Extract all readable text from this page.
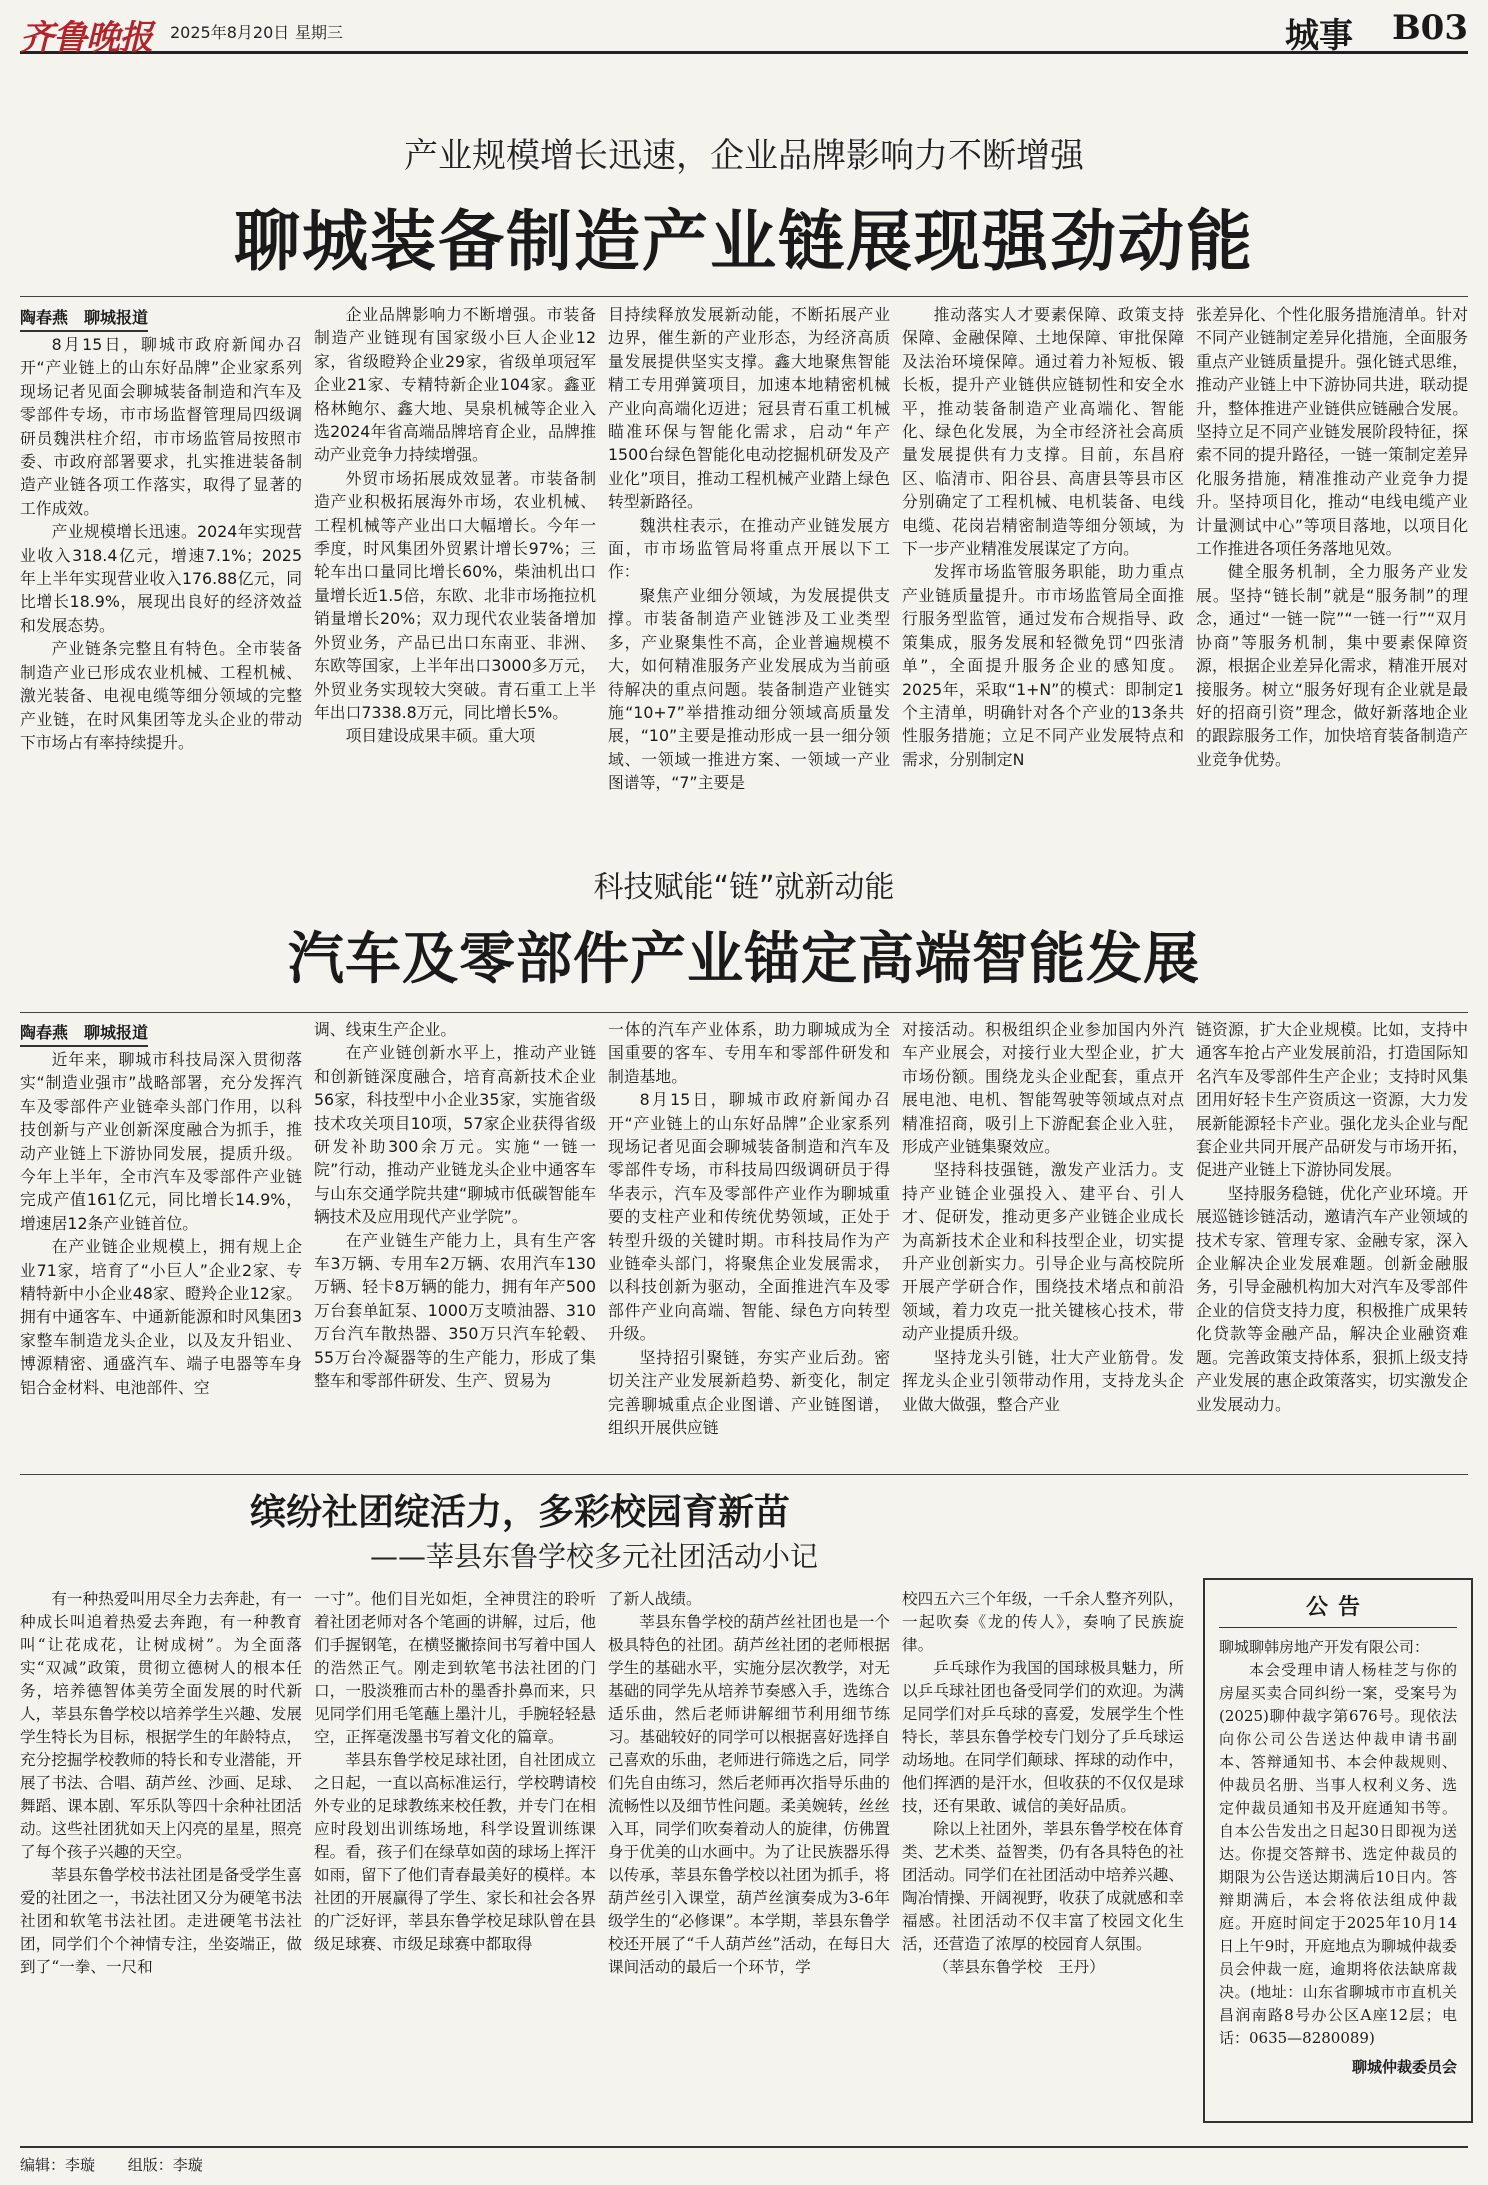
齐鲁晚报 2025年8月20日 星期三	城事 B03
产业规模增长迅速，企业品牌影响力不断增强
聊城装备制造产业链展现强劲动能
陶春燕　聊城报道

8月15日，聊城市政府新闻办召开“产业链上的山东好品牌”企业家系列现场记者见面会聊城装备制造和汽车及零部件专场，市市场监督管理局四级调研员魏洪柱介绍，市市场监管局按照市委、市政府部署要求，扎实推进装备制造产业链各项工作落实，取得了显著的工作成效。

产业规模增长迅速。2024年实现营业收入318.4亿元，增速7.1%；2025年上半年实现营业收入176.88亿元，同比增长18.9%，展现出良好的经济效益和发展态势。

产业链条完整且有特色。全市装备制造产业已形成农业机械、工程机械、激光装备、电视电缆等细分领域的完整产业链，在时风集团等龙头企业的带动下市场占有率持续提升。

企业品牌影响力不断增强。市装备制造产业链现有国家级小巨人企业12家，省级瞪羚企业29家，省级单项冠军企业21家、专精特新企业104家。鑫亚格林鲍尔、鑫大地、昊泉机械等企业入选2024年省高端品牌培育企业，品牌推动产业竞争力持续增强。

外贸市场拓展成效显著。市装备制造产业积极拓展海外市场，农业机械、工程机械等产业出口大幅增长。今年一季度，时风集团外贸累计增长97%；三轮车出口量同比增长60%，柴油机出口量增长近1.5倍，东欧、北非市场拖拉机销量增长20%；双力现代农业装备增加外贸业务，产品已出口东南亚、非洲、东欧等国家，上半年出口3000多万元，外贸业务实现较大突破。青石重工上半年出口7338.8万元，同比增长5%。

项目建设成果丰硕。重大项

目持续释放发展新动能，不断拓展产业边界，催生新的产业形态，为经济高质量发展提供坚实支撑。鑫大地聚焦智能精工专用弹簧项目，加速本地精密机械产业向高端化迈进；冠县青石重工机械瞄准环保与智能化需求，启动“年产1500台绿色智能化电动挖掘机研发及产业化”项目，推动工程机械产业踏上绿色转型新路径。

魏洪柱表示，在推动产业链发展方面，市市场监管局将重点开展以下工作：

聚焦产业细分领域，为发展提供支撑。市装备制造产业链涉及工业类型多，产业聚集性不高，企业普遍规模不大，如何精准服务产业发展成为当前亟待解决的重点问题。装备制造产业链实施“10+7”举措推动细分领域高质量发展，“10”主要是推动形成一县一细分领域、一领域一推进方案、一领域一产业图谱等，“7”主要是

推动落实人才要素保障、政策支持保障、金融保障、土地保障、审批保障及法治环境保障。通过着力补短板、锻长板，提升产业链供应链韧性和安全水平，推动装备制造产业高端化、智能化、绿色化发展，为全市经济社会高质量发展提供有力支撑。目前，东昌府区、临清市、阳谷县、高唐县等县市区分别确定了工程机械、电机装备、电线电缆、花岗岩精密制造等细分领域，为下一步产业精准发展谋定了方向。

发挥市场监管服务职能，助力重点产业链质量提升。市市场监管局全面推行服务型监管，通过发布合规指导、政策集成，服务发展和轻微免罚“四张清单”，全面提升服务企业的感知度。2025年，采取“1+N”的模式：即制定1个主清单，明确针对各个产业的13条共性服务措施；立足不同产业发展特点和需求，分别制定N

张差异化、个性化服务措施清单。针对不同产业链制定差异化措施，全面服务重点产业链质量提升。强化链式思维，推动产业链上中下游协同共进，联动提升，整体推进产业链供应链融合发展。坚持立足不同产业链发展阶段特征，探索不同的提升路径，一链一策制定差异化服务措施，精准推动产业竞争力提升。坚持项目化，推动“电线电缆产业计量测试中心”等项目落地，以项目化工作推进各项任务落地见效。

健全服务机制，全力服务产业发展。坚持“链长制”就是“服务制”的理念，通过“一链一院”“一链一行”“双月协商”等服务机制，集中要素保障资源，根据企业差异化需求，精准开展对接服务。树立“服务好现有企业就是最好的招商引资”理念，做好新落地企业的跟踪服务工作，加快培育装备制造产业竞争优势。

科技赋能“链”就新动能
汽车及零部件产业锚定高端智能发展
陶春燕　聊城报道

近年来，聊城市科技局深入贯彻落实“制造业强市”战略部署，充分发挥汽车及零部件产业链牵头部门作用，以科技创新与产业创新深度融合为抓手，推动产业链上下游协同发展，提质升级。今年上半年，全市汽车及零部件产业链完成产值161亿元，同比增长14.9%，增速居12条产业链首位。

在产业链企业规模上，拥有规上企业71家，培育了“小巨人”企业2家、专精特新中小企业48家、瞪羚企业12家。拥有中通客车、中通新能源和时风集团3家整车制造龙头企业，以及友升铝业、博源精密、通盛汽车、端子电器等车身铝合金材料、电池部件、空

调、线束生产企业。

在产业链创新水平上，推动产业链和创新链深度融合，培育高新技术企业56家，科技型中小企业35家，实施省级技术攻关项目10项，57家企业获得省级研发补助300余万元。实施“一链一院”行动，推动产业链龙头企业中通客车与山东交通学院共建“聊城市低碳智能车辆技术及应用现代产业学院”。

在产业链生产能力上，具有生产客车3万辆、专用车2万辆、农用汽车130万辆、轻卡8万辆的能力，拥有年产500万台套单缸泵、1000万支喷油器、310万台汽车散热器、350万只汽车轮毂、55万台冷凝器等的生产能力，形成了集整车和零部件研发、生产、贸易为

一体的汽车产业体系，助力聊城成为全国重要的客车、专用车和零部件研发和制造基地。

8月15日，聊城市政府新闻办召开“产业链上的山东好品牌”企业家系列现场记者见面会聊城装备制造和汽车及零部件专场，市科技局四级调研员于得华表示，汽车及零部件产业作为聊城重要的支柱产业和传统优势领域，正处于转型升级的关键时期。市科技局作为产业链牵头部门，将聚焦企业发展需求，以科技创新为驱动，全面推进汽车及零部件产业向高端、智能、绿色方向转型升级。

坚持招引聚链，夯实产业后劲。密切关注产业发展新趋势、新变化，制定完善聊城重点企业图谱、产业链图谱，组织开展供应链

对接活动。积极组织企业参加国内外汽车产业展会，对接行业大型企业，扩大市场份额。围绕龙头企业配套，重点开展电池、电机、智能驾驶等领域点对点精准招商，吸引上下游配套企业入驻，形成产业链集聚效应。

坚持科技强链，激发产业活力。支持产业链企业强投入、建平台、引人才、促研发，推动更多产业链企业成长为高新技术企业和科技型企业，切实提升产业创新实力。引导企业与高校院所开展产学研合作，围绕技术堵点和前沿领域，着力攻克一批关键核心技术，带动产业提质升级。

坚持龙头引链，壮大产业筋骨。发挥龙头企业引领带动作用，支持龙头企业做大做强，整合产业

链资源，扩大企业规模。比如，支持中通客车抢占产业发展前沿，打造国际知名汽车及零部件生产企业；支持时风集团用好轻卡生产资质这一资源，大力发展新能源轻卡产业。强化龙头企业与配套企业共同开展产品研发与市场开拓，促进产业链上下游协同发展。

坚持服务稳链，优化产业环境。开展巡链诊链活动，邀请汽车产业领域的技术专家、管理专家、金融专家，深入企业解决企业发展难题。创新金融服务，引导金融机构加大对汽车及零部件企业的信贷支持力度，积极推广成果转化贷款等金融产品，解决企业融资难题。完善政策支持体系，狠抓上级支持产业发展的惠企政策落实，切实激发企业发展动力。

缤纷社团绽活力，多彩校园育新苗
——莘县东鲁学校多元社团活动小记

有一种热爱叫用尽全力去奔赴，有一种成长叫追着热爱去奔跑，有一种教育叫“让花成花，让树成树”。为全面落实“双减”政策，贯彻立德树人的根本任务，培养德智体美劳全面发展的时代新人，莘县东鲁学校以培养学生兴趣、发展学生特长为目标，根据学生的年龄特点，充分挖掘学校教师的特长和专业潜能，开展了书法、合唱、葫芦丝、沙画、足球、舞蹈、课本剧、军乐队等四十余种社团活动。这些社团犹如天上闪亮的星星，照亮了每个孩子兴趣的天空。

莘县东鲁学校书法社团是备受学生喜爱的社团之一，书法社团又分为硬笔书法社团和软笔书法社团。走进硬笔书法社团，同学们个个神情专注，坐姿端正，做到了“一拳、一尺和

一寸”。他们目光如炬，全神贯注的聆听着社团老师对各个笔画的讲解，过后，他们手握钢笔，在横竖撇捺间书写着中国人的浩然正气。刚走到软笔书法社团的门口，一股淡雅而古朴的墨香扑鼻而来，只见同学们用毛笔蘸上墨汁儿，手腕轻轻悬空，正挥毫泼墨书写着文化的篇章。

莘县东鲁学校足球社团，自社团成立之日起，一直以高标准运行，学校聘请校外专业的足球教练来校任教，并专门在相应时段划出训练场地，科学设置训练课程。看，孩子们在绿草如茵的球场上挥汗如雨，留下了他们青春最美好的模样。本社团的开展赢得了学生、家长和社会各界的广泛好评，莘县东鲁学校足球队曾在县级足球赛、市级足球赛中都取得

了新人战绩。

莘县东鲁学校的葫芦丝社团也是一个极具特色的社团。葫芦丝社团的老师根据学生的基础水平，实施分层次教学，对无基础的同学先从培养节奏感入手，选练合适乐曲，然后老师讲解细节利用细节练习。基础较好的同学可以根据喜好选择自己喜欢的乐曲，老师进行筛选之后，同学们先自由练习，然后老师再次指导乐曲的流畅性以及细节性问题。柔美婉转，丝丝入耳，同学们吹奏着动人的旋律，仿佛置身于优美的山水画中。为了让民族器乐得以传承，莘县东鲁学校以社团为抓手，将葫芦丝引入课堂，葫芦丝演奏成为3-6年级学生的“必修课”。本学期，莘县东鲁学校还开展了“千人葫芦丝”活动，在每日大课间活动的最后一个环节，学

校四五六三个年级，一千余人整齐列队，一起吹奏《龙的传人》，奏响了民族旋律。

乒乓球作为我国的国球极具魅力，所以乒乓球社团也备受同学们的欢迎。为满足同学们对乒乓球的喜爱，发展学生个性特长，莘县东鲁学校专门划分了乒乓球运动场地。在同学们颠球、挥球的动作中，他们挥洒的是汗水，但收获的不仅仅是球技，还有果敢、诚信的美好品质。

除以上社团外，莘县东鲁学校在体育类、艺术类、益智类，仍有各具特色的社团活动。同学们在社团活动中培养兴趣、陶冶情操、开阔视野，收获了成就感和幸福感。社团活动不仅丰富了校园文化生活，还营造了浓厚的校园育人氛围。

（莘县东鲁学校　王丹）

公告

聊城聊韩房地产开发有限公司：

本会受理申请人杨桂芝与你的房屋买卖合同纠纷一案，受案号为(2025)聊仲裁字第676号。现依法向你公司公告送达仲裁申请书副本、答辩通知书、本会仲裁规则、仲裁员名册、当事人权利义务、选定仲裁员通知书及开庭通知书等。自本公告发出之日起30日即视为送达。你提交答辩书、选定仲裁员的期限为公告送达期满后10日内。答辩期满后，本会将依法组成仲裁庭。开庭时间定于2025年10月14日上午9时，开庭地点为聊城仲裁委员会仲裁一庭，逾期将依法缺席裁决。(地址：山东省聊城市市直机关昌润南路8号办公区A座12层；电话：0635—8280089)

聊城仲裁委员会
编辑：李璇 组版：李璇
